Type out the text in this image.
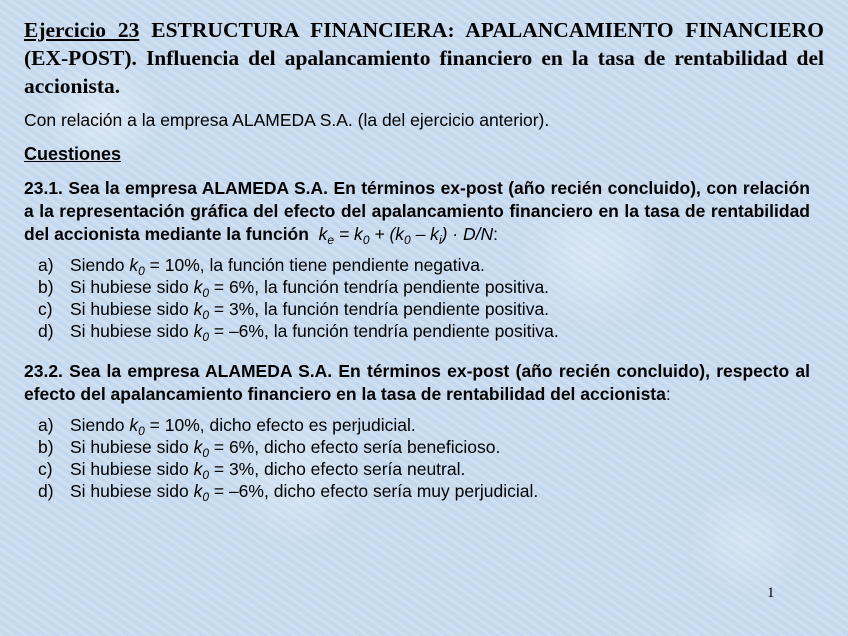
Ejercicio 23 ESTRUCTURA FINANCIERA: APALANCAMIENTO FINANCIERO (EX-POST). Influencia del apalancamiento financiero en la tasa de rentabilidad del accionista.

Con relación a la empresa ALAMEDA S.A. (la del ejercicio anterior).
Cuestiones
23.1. Sea la empresa ALAMEDA S.A. En términos ex-post (año recién concluido), con relación a la representación gráfica del efecto del apalancamiento financiero en la tasa de rentabilidad del accionista mediante la función $k_e = k_0 + (k_0 - k_i) \cdot D/N$:
a) Siendo $k_0 = 10\%$, la función tiene pendiente negativa.
b) Si hubiese sido $k_0 = 6\%$, la función tendría pendiente positiva.
c) Si hubiese sido $k_0 = 3\%$, la función tendría pendiente positiva.
d) Si hubiese sido $k_0 = -6\%$, la función tendría pendiente positiva.
23.2. Sea la empresa ALAMEDA S.A. En términos ex-post (año recién concluido), respecto al efecto del apalancamiento financiero en la tasa de rentabilidad del accionista:
a) Siendo $k_0 = 10\%$, dicho efecto es perjudicial.
b) Si hubiese sido $k_0 = 6\%$, dicho efecto sería beneficioso.
c) Si hubiese sido $k_0 = 3\%$, dicho efecto sería neutral.
d) Si hubiese sido $k_0 = -6\%$, dicho efecto sería muy perjudicial.
1
